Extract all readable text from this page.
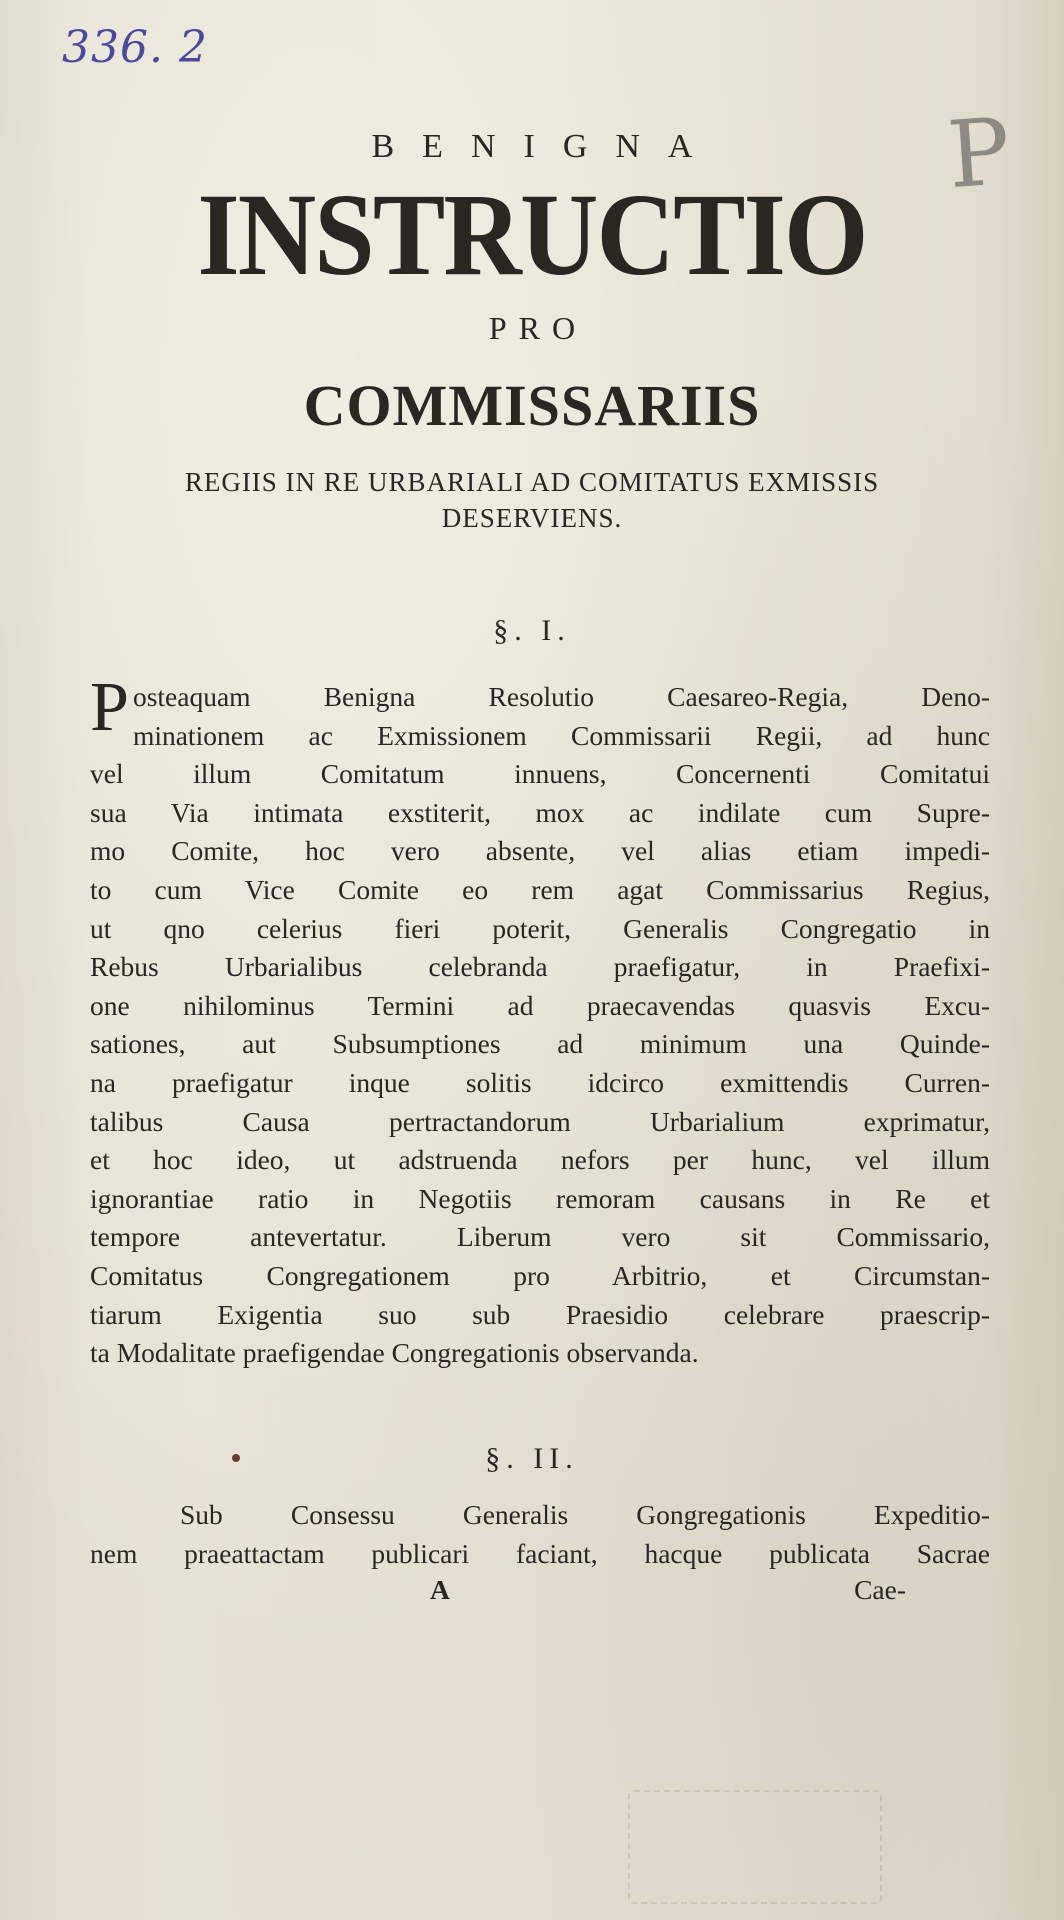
336. 2
P
BENIGNA
INSTRUCTIO
PRO
COMMISSARIIS
REGIIS IN RE URBARIALI AD COMITATUS EXMISSIS
DESERVIENS.
§. I.
P osteaquam Benigna Resolutio Caesareo-Regia, Deno-
minationem ac Exmissionem Commissarii Regii, ad hunc
vel illum Comitatum innuens, Concernenti Comitatui
sua Via intimata exstiterit, mox ac indilate cum Supre-
mo Comite, hoc vero absente, vel alias etiam impedi-
to cum Vice Comite eo rem agat Commissarius Regius,
ut qno celerius fieri poterit, Generalis Congregatio in
Rebus Urbarialibus celebranda praefigatur, in Praefixi-
one nihilominus Termini ad praecavendas quasvis Excu-
sationes, aut Subsumptiones ad minimum una Quinde-
na praefigatur inque solitis idcirco exmittendis Curren-
talibus Causa pertractandorum Urbarialium exprimatur,
et hoc ideo, ut adstruenda nefors per hunc, vel illum
ignorantiae ratio in Negotiis remoram causans in Re et
tempore antevertatur. Liberum vero sit Commissario,
Comitatus Congregationem pro Arbitrio, et Circumstan-
tiarum Exigentia suo sub Praesidio celebrare praescrip-
ta Modalitate praefigendae Congregationis observanda.
§. II.
Sub Consessu Generalis Gongregationis Expeditio-
nem praeattactam publicari faciant, hacque publicata Sacrae
A	Cae-
